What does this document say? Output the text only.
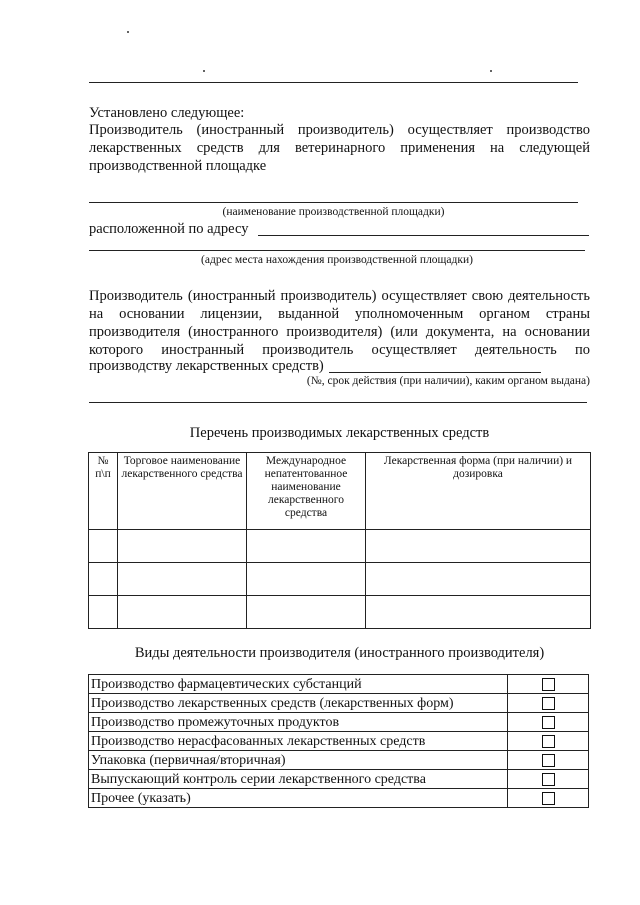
Установлено следующее:
Производитель (иностранный производитель) осуществляет производство
лекарственных средств для ветеринарного применения на следующей
производственной площадке
(наименование производственной площадки)
расположенной по адресу
(адрес места нахождения производственной площадки)
Производитель (иностранный производитель) осуществляет свою деятельность
на основании лицензии, выданной уполномоченным органом страны
производителя (иностранного производителя) (или документа, на основании
которого иностранный производитель осуществляет деятельность по
производству лекарственных средств)
(№, срок действия (при наличии), каким органом выдана)
Перечень производимых лекарственных средств
№ п\п	Торговое наименование лекарственного средства	Международное непатентованное наименование лекарственного средства	Лекарственная форма (при наличии) и дозировка

Виды деятельности производителя (иностранного производителя)
Производство фармацевтических субстанций	
Производство лекарственных средств (лекарственных форм)	
Производство промежуточных продуктов	
Производство нерасфасованных лекарственных средств	
Упаковка (первичная/вторичная)	
Выпускающий контроль серии лекарственного средства	
Прочее (указать)	
